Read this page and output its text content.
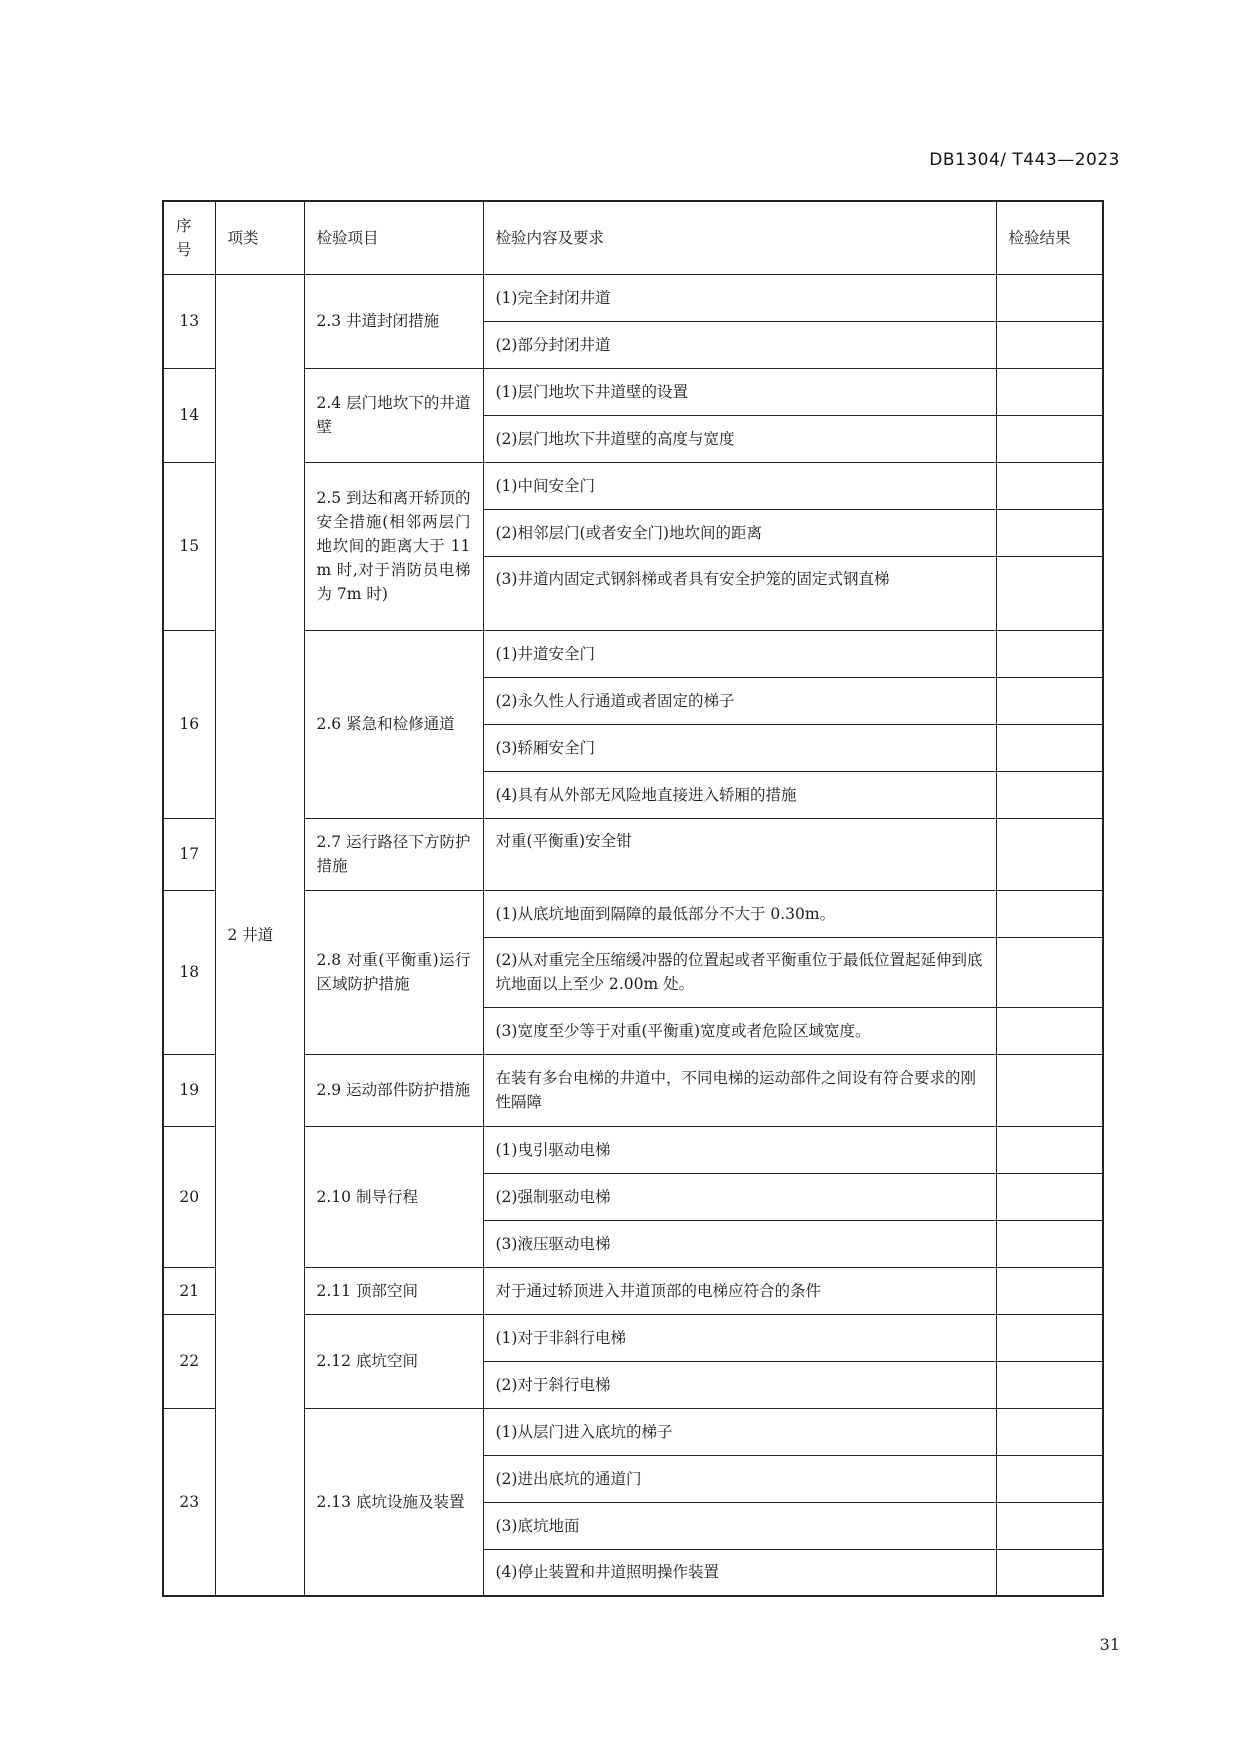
DB1304/ T443—2023
序号	项类	检验项目	检验内容及要求	检验结果
13	2 井道	2.3 井道封闭措施	(1)完全封闭井道	
			(2)部分封闭井道	
14		2.4 层门地坎下的井道壁	(1)层门地坎下井道壁的设置	
			(2)层门地坎下井道壁的高度与宽度	
15		2.5 到达和离开轿顶的安全措施(相邻两层门地坎间的距离大于 11m 时,对于消防员电梯为 7m 时)	(1)中间安全门	
			(2)相邻层门(或者安全门)地坎间的距离	
			(3)井道内固定式钢斜梯或者具有安全护笼的固定式钢直梯	
16		2.6 紧急和检修通道	(1)井道安全门	
			(2)永久性人行通道或者固定的梯子	
			(3)轿厢安全门	
			(4)具有从外部无风险地直接进入轿厢的措施	
17		2.7 运行路径下方防护措施	对重(平衡重)安全钳	
18		2.8 对重(平衡重)运行区域防护措施	(1)从底坑地面到隔障的最低部分不大于 0.30m。	
			(2)从对重完全压缩缓冲器的位置起或者平衡重位于最低位置起延伸到底坑地面以上至少 2.00m 处。	
			(3)宽度至少等于对重(平衡重)宽度或者危险区域宽度。	
19		2.9 运动部件防护措施	在装有多台电梯的井道中，不同电梯的运动部件之间设有符合要求的刚性隔障	
20		2.10 制导行程	(1)曳引驱动电梯	
			(2)强制驱动电梯	
			(3)液压驱动电梯	
21		2.11 顶部空间	对于通过轿顶进入井道顶部的电梯应符合的条件	
22		2.12 底坑空间	(1)对于非斜行电梯	
			(2)对于斜行电梯	
23		2.13 底坑设施及装置	(1)从层门进入底坑的梯子	
			(2)进出底坑的通道门	
			(3)底坑地面	
			(4)停止装置和井道照明操作装置	
31
